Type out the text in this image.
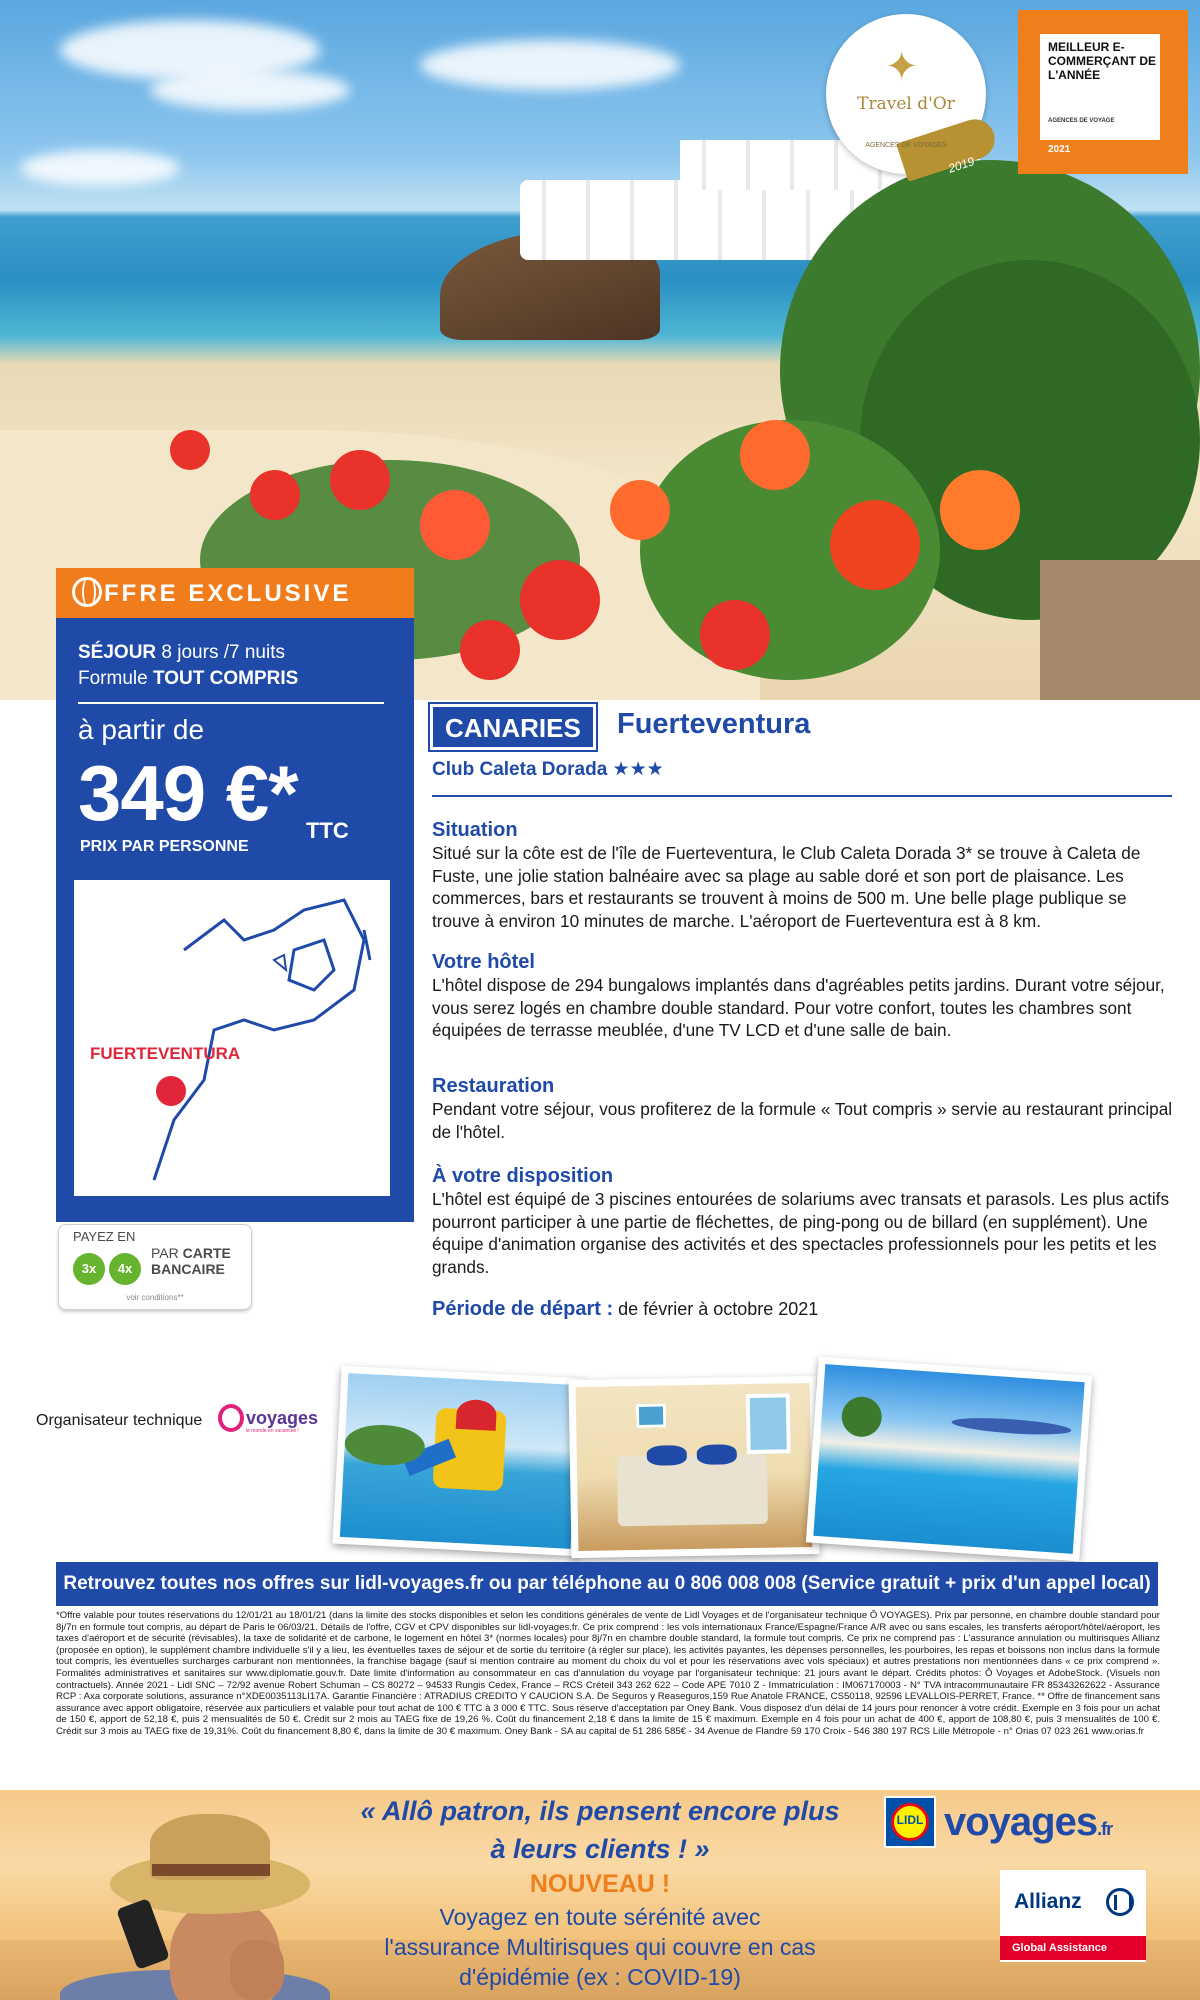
✦
Travel d'Or
AGENCES DE VOYAGES
2019
MEILLEUR E-COMMERÇANT DE L'ANNÉE
AGENCES DE VOYAGE
2021
FFRE EXCLUSIVE
SÉJOUR 8 jours /7 nuits
Formule TOUT COMPRIS
à partir de
349 €* TTC
PRIX PAR PERSONNE
FUERTEVENTURA
PAYEZ EN
3x	4x
PAR CARTE
BANCAIRE
voir conditions**
CANARIES	Fuerteventura
Club Caleta Dorada ★★★
Situation

Situé sur la côte est de l'île de Fuerteventura, le Club Caleta Dorada 3* se trouve à Caleta de Fuste, une jolie station balnéaire avec sa plage au sable doré et son port de plaisance. Les commerces, bars et restaurants se trouvent à moins de 500 m. Une belle plage publique se trouve à environ 10 minutes de marche. L'aéroport de Fuerteventura est à 8 km.

Votre hôtel

L'hôtel dispose de 294 bungalows implantés dans d'agréables petits jardins. Durant votre séjour, vous serez logés en chambre double standard. Pour votre confort, toutes les chambres sont équipées de terrasse meublée, d'une TV LCD et d'une salle de bain.

Restauration

Pendant votre séjour, vous profiterez de la formule « Tout compris » servie au restaurant principal de l'hôtel.

À votre disposition

L'hôtel est équipé de 3 piscines entourées de solariums avec transats et parasols. Les plus actifs pourront participer à une partie de fléchettes, de ping-pong ou de billard (en supplément). Une équipe d'animation organise des activités et des spectacles professionnels pour les petits et les grands.

Période de départ : de février à octobre 2021
Organisateur technique voyages
le monde en vacances !
Retrouvez toutes nos offres sur lidl-voyages.fr ou par téléphone au 0 806 008 008 (Service gratuit + prix d'un appel local)
*Offre valable pour toutes réservations du 12/01/21 au 18/01/21 (dans la limite des stocks disponibles et selon les conditions générales de vente de Lidl Voyages et de l'organisateur technique Ô VOYAGES). Prix par personne, en chambre double standard pour 8j/7n en formule tout compris, au départ de Paris le 06/03/21. Détails de l'offre, CGV et CPV disponibles sur lidl-voyages.fr. Ce prix comprend : les vols internationaux France/Espagne/France A/R avec ou sans escales, les transferts aéroport/hôtel/aéroport, les taxes d'aéroport et de sécurité (révisables), la taxe de solidarité et de carbone, le logement en hôtel 3* (normes locales) pour 8j/7n en chambre double standard, la formule tout compris. Ce prix ne comprend pas : L'assurance annulation ou multirisques Allianz (proposée en option), le supplément chambre individuelle s'il y a lieu, les éventuelles taxes de séjour et de sortie du territoire (à régler sur place), les activités payantes, les dépenses personnelles, les pourboires, les repas et boissons non inclus dans la formule tout compris, les éventuelles surcharges carburant non mentionnées, la franchise bagage (sauf si mention contraire au moment du choix du vol et pour les réservations avec vols spéciaux) et autres prestations non mentionnées dans « ce prix comprend ». Formalités administratives et sanitaires sur www.diplomatie.gouv.fr. Date limite d'information au consommateur en cas d'annulation du voyage par l'organisateur technique: 21 jours avant le départ. Crédits photos: Ô Voyages et AdobeStock. (Visuels non contractuels). Année 2021 - Lidl SNC – 72/92 avenue Robert Schuman – CS 80272 – 94533 Rungis Cedex, France – RCS Créteil 343 262 622 – Code APE 7010 Z - Immatriculation : IM067170003 - N° TVA intracommunautaire FR 85343262622 - Assurance RCP : Axa corporate solutions, assurance n°XDE0035113LI17A. Garantie Financière : ATRADIUS CREDITO Y CAUCION S.A. De Seguros y Reaseguros,159 Rue Anatole FRANCE, CS50118, 92596 LEVALLOIS-PERRET, France. ** Offre de financement sans assurance avec apport obligatoire, réservée aux particuliers et valable pour tout achat de 100 € TTC à 3 000 € TTC. Sous réserve d'acceptation par Oney Bank. Vous disposez d'un délai de 14 jours pour renoncer à votre crédit. Exemple en 3 fois pour un achat de 150 €, apport de 52,18 €, puis 2 mensualités de 50 €. Crédit sur 2 mois au TAEG fixe de 19,26 %. Coût du financement 2,18 € dans la limite de 15 € maximum. Exemple en 4 fois pour un achat de 400 €, apport de 108,80 €, puis 3 mensualités de 100 €. Crédit sur 3 mois au TAEG fixe de 19,31%. Coût du financement 8,80 €, dans la limite de 30 € maximum. Oney Bank - SA au capital de 51 286 585€ - 34 Avenue de Flandre 59 170 Croix - 546 380 197 RCS Lille Métropole - n° Orias 07 023 261 www.orias.fr
« Allô patron, ils pensent encore plus
à leurs clients ! »
NOUVEAU !
Voyagez en toute sérénité avec
l'assurance Multirisques qui couvre en cas
d'épidémie (ex : COVID-19)
LIDL voyages.fr
Allianz
Global Assistance
